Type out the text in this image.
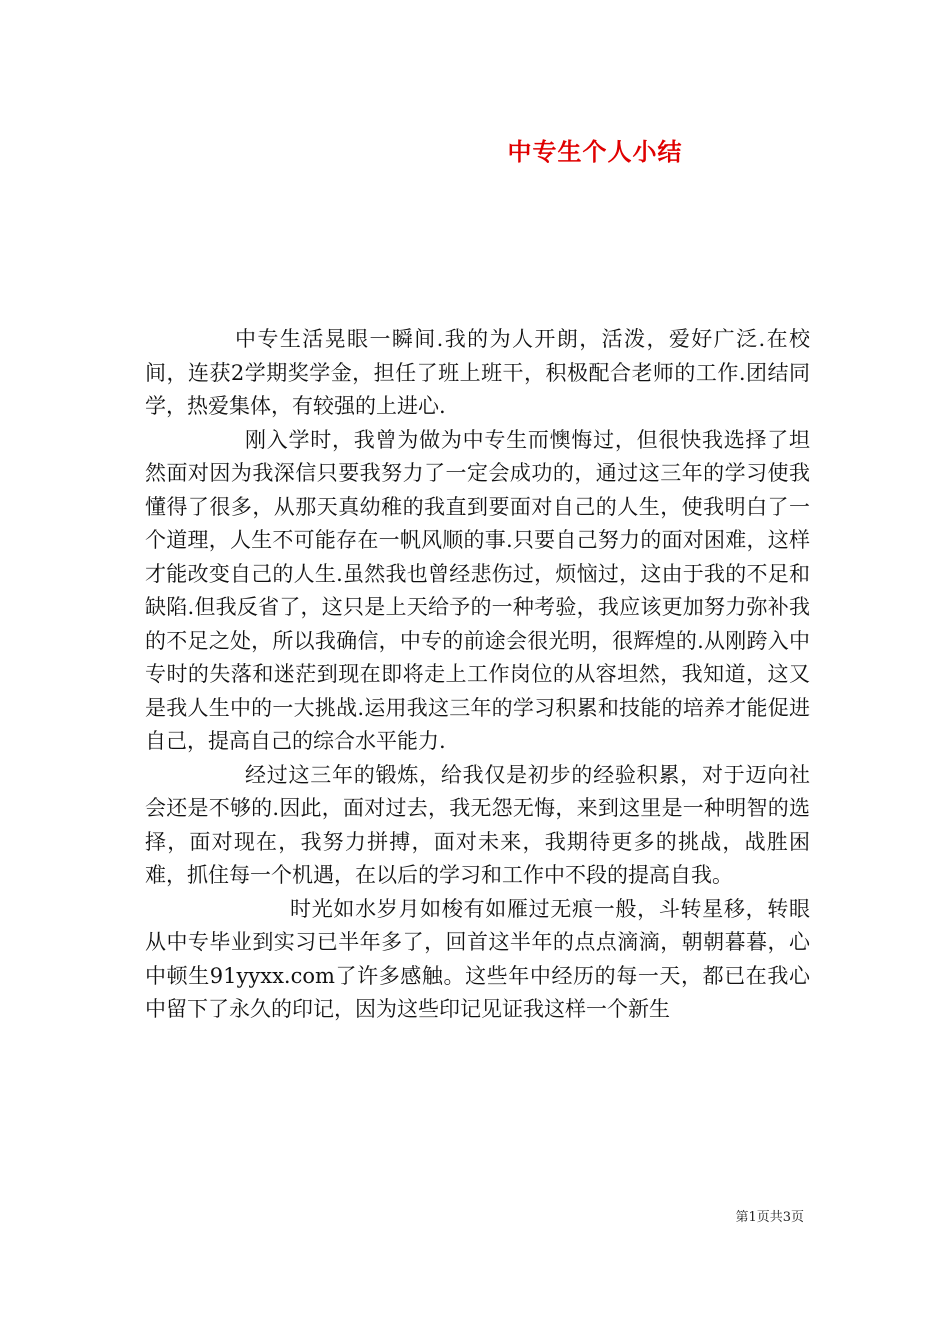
中专生个人小结

中专生活晃眼一瞬间.我的为人开朗，活泼，爱好广泛.在校间，连获2学期奖学金，担任了班上班干，积极配合老师的工作.团结同学，热爱集体，有较强的上进心.

刚入学时，我曾为做为中专生而懊悔过，但很快我选择了坦然面对因为我深信只要我努力了一定会成功的，通过这三年的学习使我懂得了很多，从那天真幼稚的我直到要面对自己的人生，使我明白了一个道理，人生不可能存在一帆风顺的事.只要自己努力的面对困难，这样才能改变自己的人生.虽然我也曾经悲伤过，烦恼过，这由于我的不足和缺陷.但我反省了，这只是上天给予的一种考验，我应该更加努力弥补我的不足之处，所以我确信，中专的前途会很光明，很辉煌的.从刚跨入中专时的失落和迷茫到现在即将走上工作岗位的从容坦然，我知道，这又是我人生中的一大挑战.运用我这三年的学习积累和技能的培养才能促进自己，提高自己的综合水平能力.

经过这三年的锻炼，给我仅是初步的经验积累，对于迈向社会还是不够的.因此，面对过去，我无怨无悔，来到这里是一种明智的选择，面对现在，我努力拼搏，面对未来，我期待更多的挑战，战胜困难，抓住每一个机遇，在以后的学习和工作中不段的提高自我。

时光如水岁月如梭有如雁过无痕一般，斗转星移，转眼从中专毕业到实习已半年多了，回首这半年的点点滴滴，朝朝暮暮，心中顿生91yyxx.com了许多感触。这些年中经历的每一天，都已在我心中留下了永久的印记，因为这些印记见证我这样一个新生

第1页共3页
